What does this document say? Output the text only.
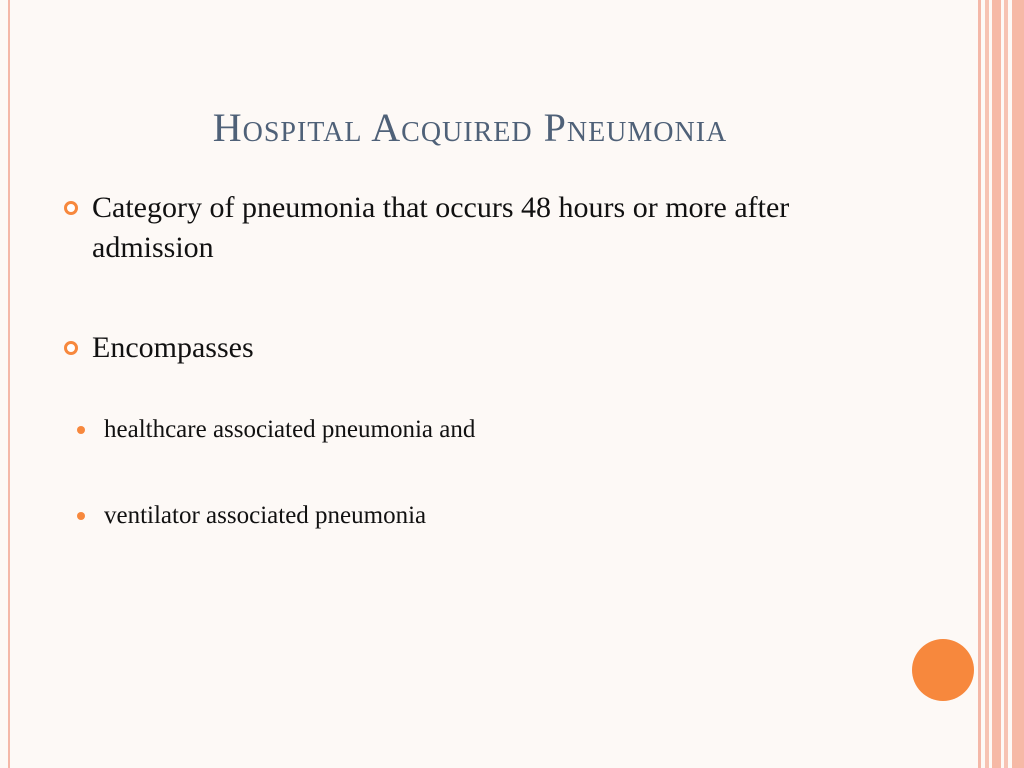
Hospital Acquired Pneumonia
Category of pneumonia that occurs 48 hours or more after admission
Encompasses
healthcare associated pneumonia and
ventilator associated pneumonia
